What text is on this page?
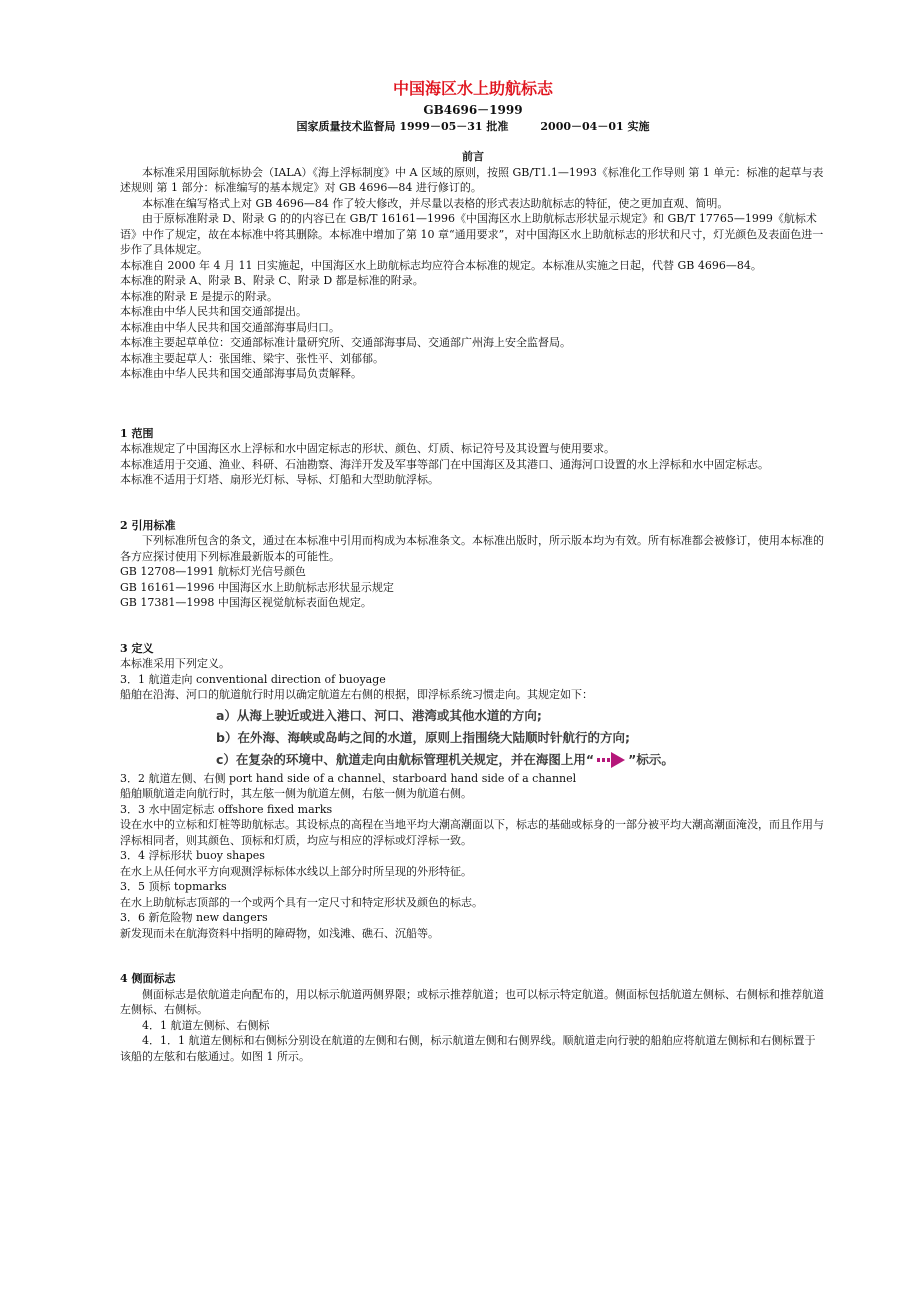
中国海区水上助航标志

GB4696－1999

国家质量技术监督局 1999－05－31 批准	2000－04－01 实施

前言

本标准采用国际航标协会（IALA）《海上浮标制度》中 A 区域的原则，按照 GB/T1.1—1993《标准化工作导则 第 1 单元：标准的起草与表述规则 第 1 部分：标准编写的基本规定》对 GB 4696—84 进行修订的。

本标准在编写格式上对 GB 4696—84 作了较大修改，并尽量以表格的形式表达助航标志的特征，使之更加直观、简明。

由于原标准附录 D、附录 G 的的内容已在 GB/T 16161—1996《中国海区水上助航标志形状显示规定》和 GB/T 17765—1999《航标术语》中作了规定，故在本标准中将其删除。本标准中增加了第 10 章“通用要求”，对中国海区水上助航标志的形状和尺寸，灯光颜色及表面色进一步作了具体规定。

本标准自 2000 年 4 月 11 日实施起，中国海区水上助航标志均应符合本标准的规定。本标准从实施之日起，代替 GB 4696—84。

本标准的附录 A、附录 B、附录 C、附录 D 都是标准的附录。

本标准的附录 E 是提示的附录。

本标准由中华人民共和国交通部提出。

本标准由中华人民共和国交通部海事局归口。

本标准主要起草单位：交通部标准计量研究所、交通部海事局、交通部广州海上安全监督局。

本标准主要起草人：张国维、梁宇、张性平、刘郁郁。

本标准由中华人民共和国交通部海事局负责解释。

1 范围

本标准规定了中国海区水上浮标和水中固定标志的形状、颜色、灯质、标记符号及其设置与使用要求。

本标准适用于交通、渔业、科研、石油勘察、海洋开发及军事等部门在中国海区及其港口、通海河口设置的水上浮标和水中固定标志。

本标准不适用于灯塔、扇形光灯标、导标、灯船和大型助航浮标。

2 引用标准

下列标准所包含的条文，通过在本标准中引用而构成为本标准条文。本标准出版时，所示版本均为有效。所有标准都会被修订，使用本标准的各方应探讨使用下列标准最新版本的可能性。

GB 12708—1991 航标灯光信号颜色

GB 16161—1996 中国海区水上助航标志形状显示规定

GB 17381—1998 中国海区视觉航标表面色规定。

3 定义

本标准采用下列定义。

3．1 航道走向 conventional direction of buoyage

船舶在沿海、河口的航道航行时用以确定航道左右侧的根据，即浮标系统习惯走向。其规定如下：

a）从海上驶近或进入港口、河口、港湾或其他水道的方向;
b）在外海、海峡或岛屿之间的水道，原则上指围绕大陆顺时针航行的方向;
c）在复杂的环境中、航道走向由航标管理机关规定，并在海图上用“	”标示。

3．2 航道左侧、右侧 port hand side of a channel、starboard hand side of a channel

船舶顺航道走向航行时，其左舷一侧为航道左侧，右舷一侧为航道右侧。

3．3 水中固定标志 offshore fixed marks

设在水中的立标和灯桩等助航标志。其设标点的高程在当地平均大潮高潮面以下，标志的基础或标身的一部分被平均大潮高潮面淹没，而且作用与浮标相同者，则其颜色、顶标和灯质，均应与相应的浮标或灯浮标一致。

3．4 浮标形状 buoy shapes

在水上从任何水平方向观测浮标标体水线以上部分时所呈现的外形特征。

3．5 顶标 topmarks

在水上助航标志顶部的一个或两个具有一定尺寸和特定形状及颜色的标志。

3．6 新危险物 new dangers

新发现而未在航海资料中指明的障碍物，如浅滩、礁石、沉船等。

4 侧面标志

侧面标志是依航道走向配布的，用以标示航道两侧界限；或标示推荐航道；也可以标示特定航道。侧面标包括航道左侧标、右侧标和推荐航道左侧标、右侧标。

4．1 航道左侧标、右侧标

4．1．1 航道左侧标和右侧标分别设在航道的左侧和右侧，标示航道左侧和右侧界线。顺航道走向行驶的船舶应将航道左侧标和右侧标置于该船的左舷和右舷通过。如图 1 所示。
